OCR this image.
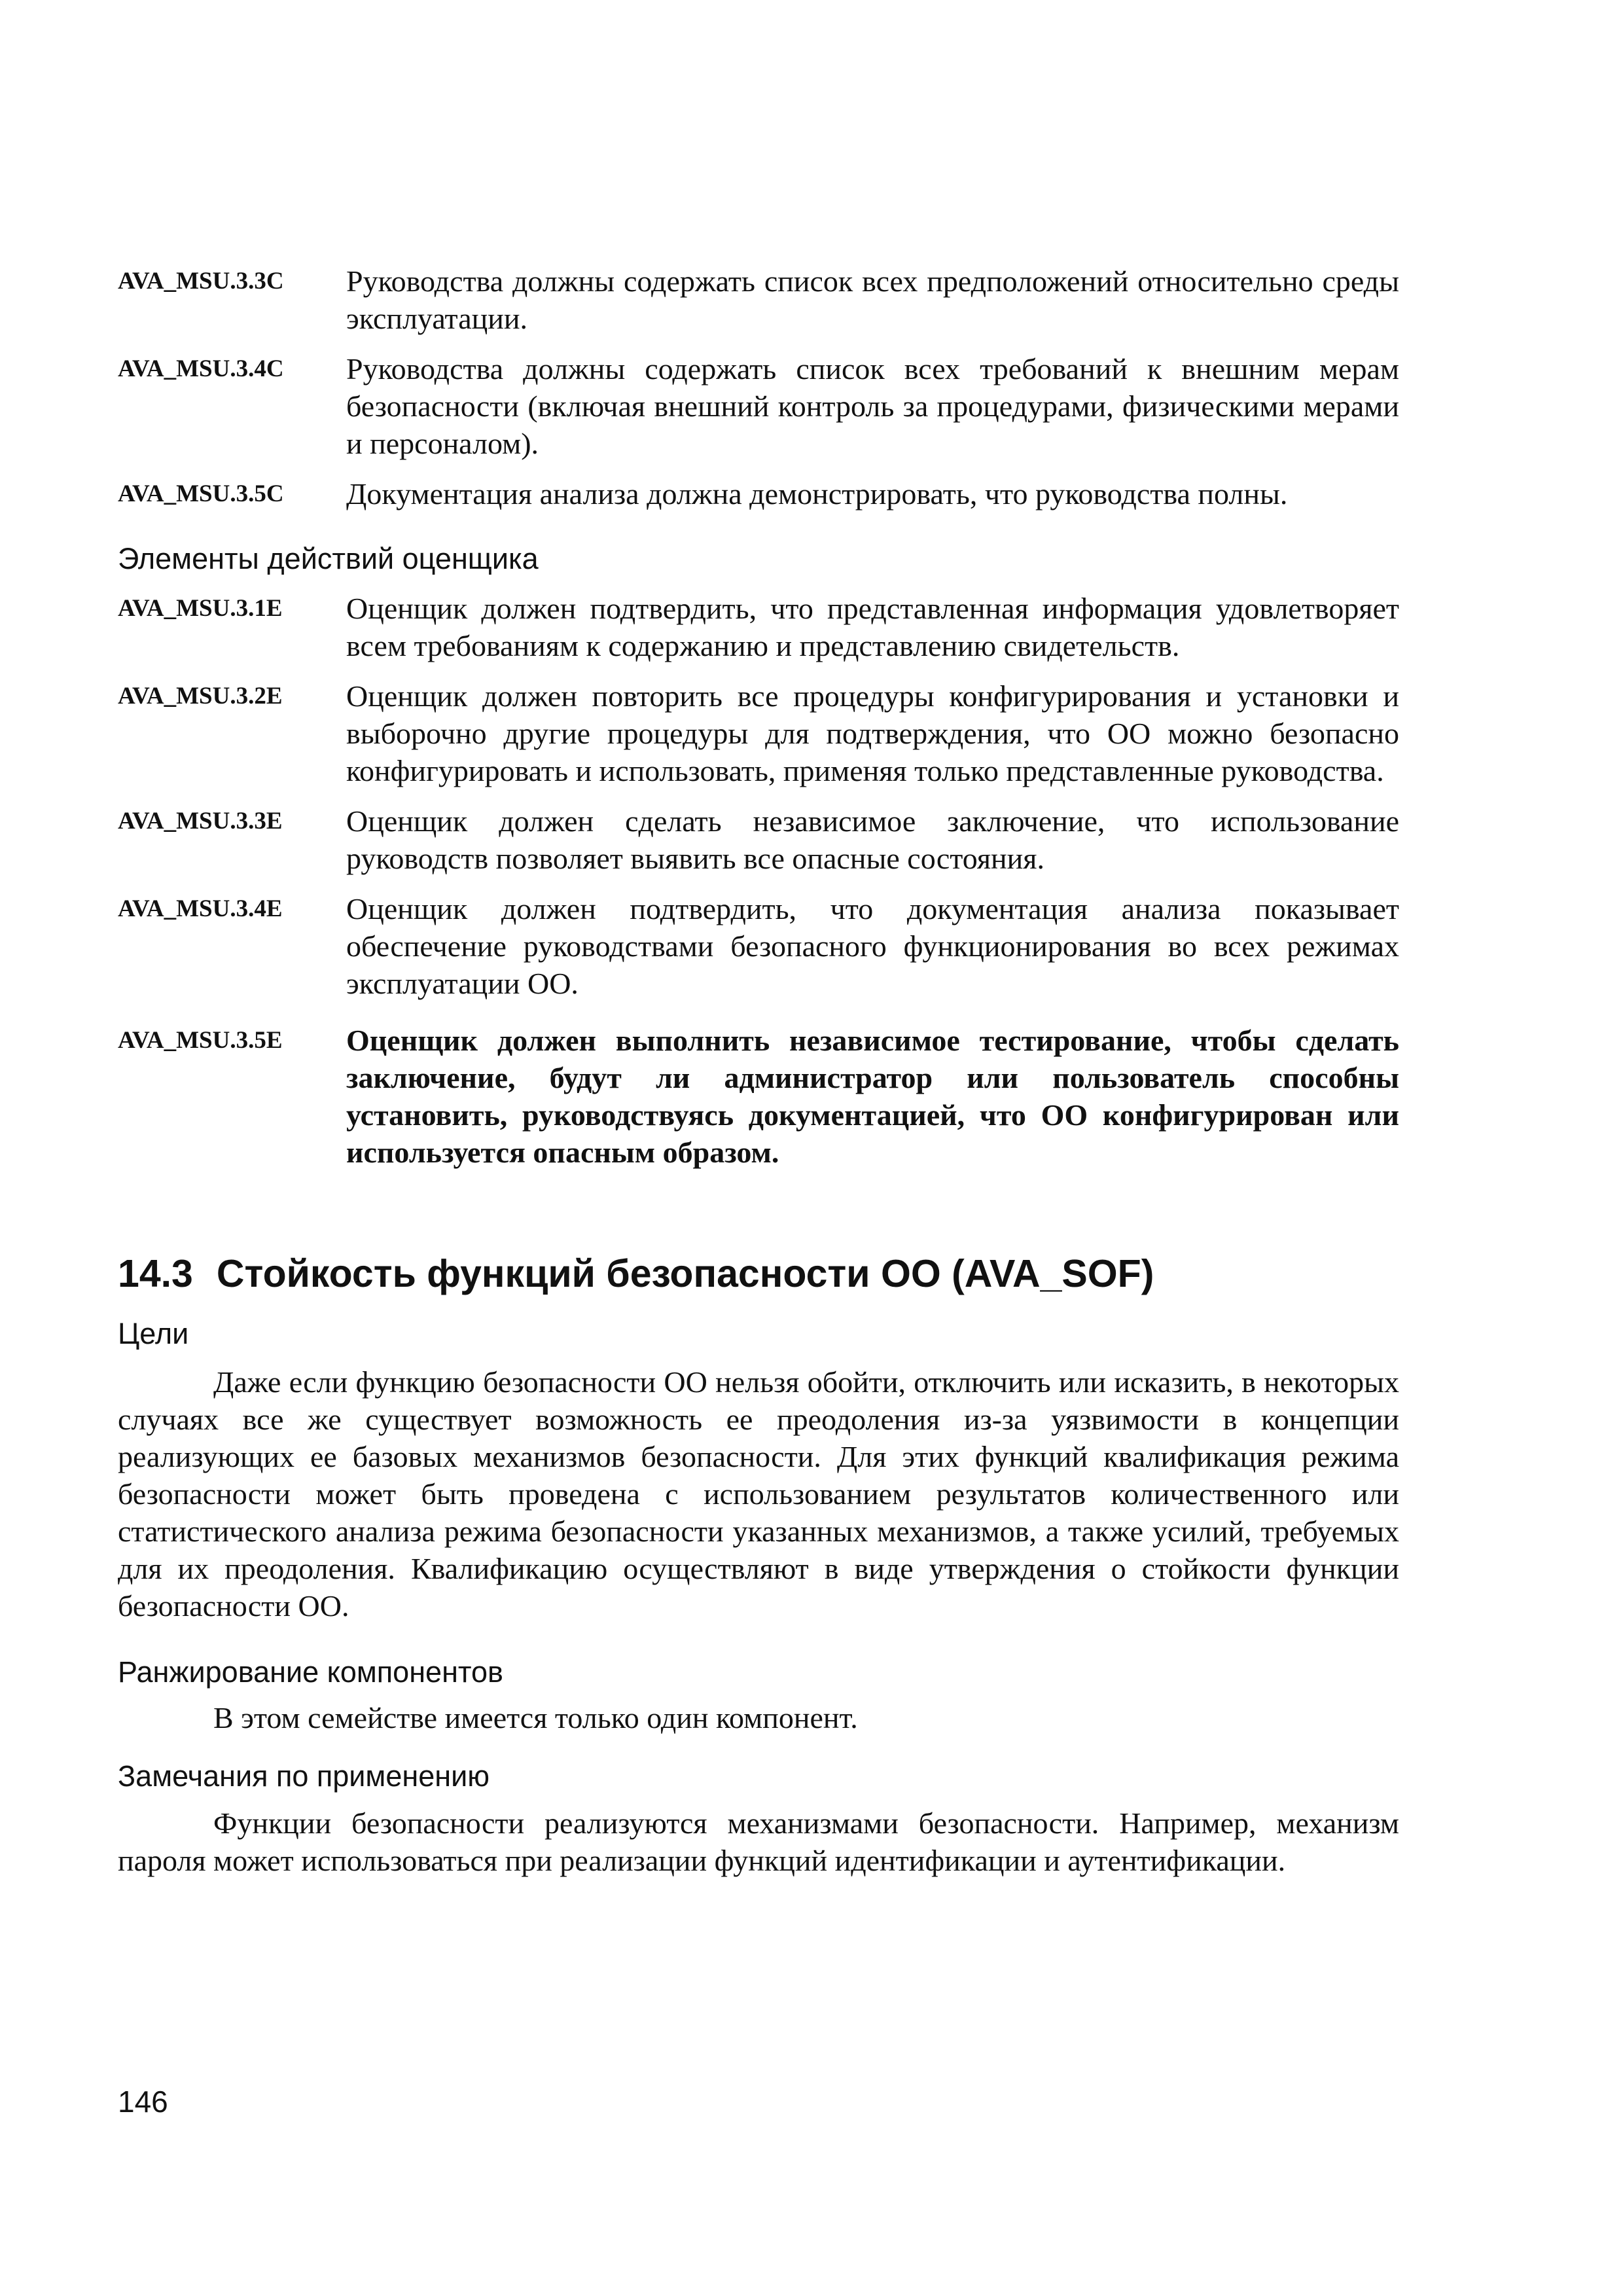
AVA_MSU.3.3C	Руководства должны содержать список всех предположений относительно среды эксплуатации.
AVA_MSU.3.4C	Руководства должны содержать список всех требований к внешним мерам безопасности (включая внешний контроль за процедурами, физическими мерами и персоналом).
AVA_MSU.3.5C	Документация анализа должна демонстрировать, что руководства полны.
Элементы действий оценщика
AVA_MSU.3.1E	Оценщик должен подтвердить, что представленная информация удовлетворяет всем требованиям к содержанию и представлению свидетельств.
AVA_MSU.3.2E	Оценщик должен повторить все процедуры конфигурирования и установки и выборочно другие процедуры для подтверждения, что ОО можно безопасно конфигурировать и использовать, применяя только представленные руководства.
AVA_MSU.3.3E	Оценщик должен сделать независимое заключение, что использование руководств позволяет выявить все опасные состояния.
AVA_MSU.3.4E	Оценщик должен подтвердить, что документация анализа показывает обеспечение руководствами безопасного функционирования во всех режимах эксплуатации ОО.
AVA_MSU.3.5E	Оценщик должен выполнить независимое тестирование, чтобы сделать заключение, будут ли администратор или пользователь способны установить, руководствуясь документацией, что ОО конфигурирован или используется опасным образом.
14.3 Стойкость функций безопасности ОО (AVA_SOF)
Цели
Даже если функцию безопасности ОО нельзя обойти, отключить или исказить, в некоторых случаях все же существует возможность ее преодоления из-за уязвимости в концепции реализующих ее базовых механизмов безопасности. Для этих функций квалификация режима безопасности может быть проведена с использованием результатов количественного или статистического анализа режима безопасности указанных механизмов, а также усилий, требуемых для их преодоления. Квалификацию осуществляют в виде утверждения о стойкости функции безопасности ОО.
Ранжирование компонентов
В этом семействе имеется только один компонент.
Замечания по применению
Функции безопасности реализуются механизмами безопасности. Например, механизм пароля может использоваться при реализации функций идентификации и аутентификации.
146
